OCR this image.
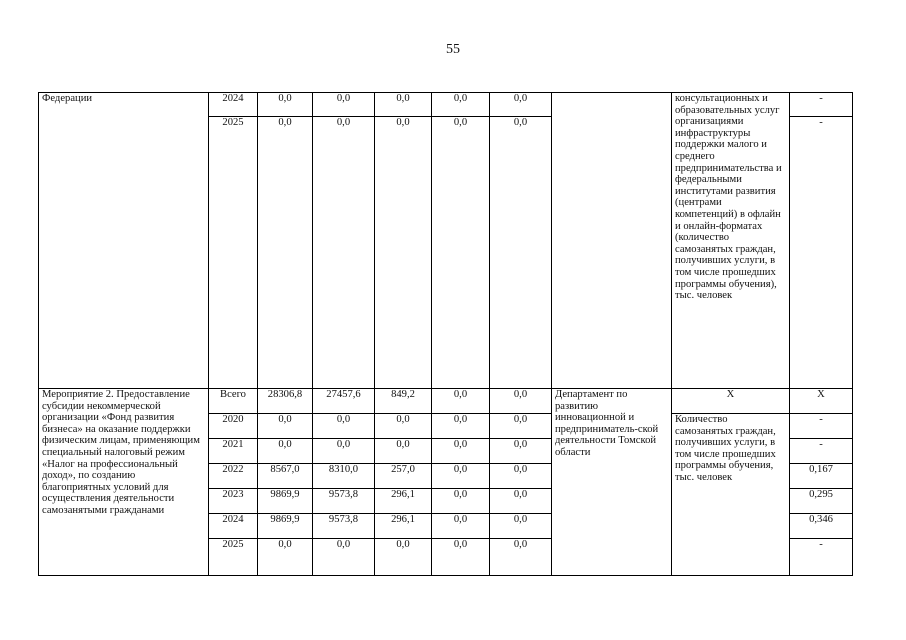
55
Федерации	2024	0,0	0,0	0,0	0,0	0,0		консультационных и образовательных услуг организациями инфраструктуры поддержки малого и среднего предпринимательства и федеральными институтами развития (центрами компетенций) в офлайн и онлайн-форматах (количество самозанятых граждан, получивших услуги, в том числе прошедших программы обучения), тыс. человек	-
	2025	0,0	0,0	0,0	0,0	0,0			-
Мероприятие 2. Предоставление субсидии некоммерческой организации «Фонд развития бизнеса» на оказание поддержки физическим лицам, применяющим специальный налоговый режим «Налог на профессиональный доход», по созданию благоприятных условий для осуществления деятельности самозанятыми гражданами	Всего	28306,8	27457,6	849,2	0,0	0,0	Департамент по развитию инновационной и предприниматель-ской деятельности Томской области	X	X
	2020	0,0	0,0	0,0	0,0	0,0		Количество самозанятых граждан, получивших услуги, в том числе прошедших программы обучения, тыс. человек	-
	2021	0,0	0,0	0,0	0,0	0,0			-
	2022	8567,0	8310,0	257,0	0,0	0,0			0,167
	2023	9869,9	9573,8	296,1	0,0	0,0			0,295
	2024	9869,9	9573,8	296,1	0,0	0,0			0,346
	2025	0,0	0,0	0,0	0,0	0,0			-
